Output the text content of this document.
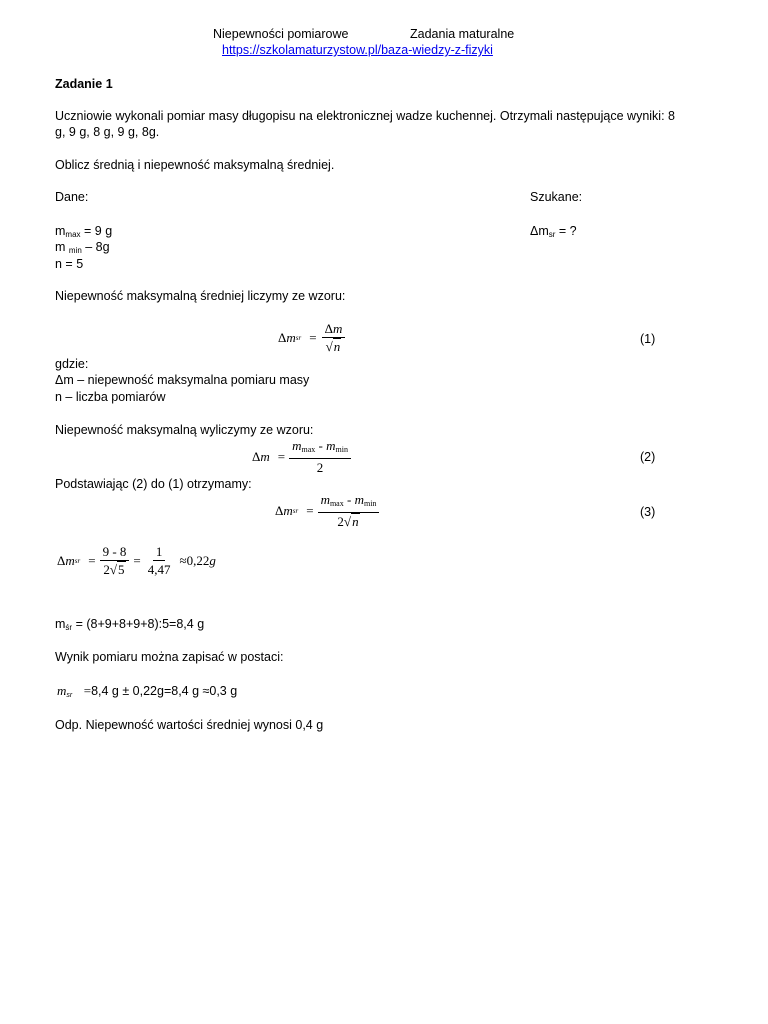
Niepewności pomiarowe	Zadania maturalne
https://szkolamaturzystow.pl/baza-wiedzy-z-fizyki
Zadanie 1
Uczniowie wykonali pomiar masy długopisu na elektronicznej wadze kuchennej. Otrzymali następujące wyniki: 8 g, 9 g, 8 g, 9 g, 8g.
Oblicz średnią i niepewność maksymalną średniej.
Dane:	Szukane:
mmax = 9 g
m min – 8g
n = 5
Δmsr = ?
Niepewność maksymalną średniej liczymy ze wzoru:
Δ m sr = $\frac{\Delta m}{√n}$	(1)
gdzie:
Δm – niepewność maksymalna pomiaru masy
n – liczba pomiarów
Niepewność maksymalną wyliczymy ze wzoru:
Δ $m = \frac{mmax - mmin}{2}$	(2)
Podstawiając (2) do (1) otrzymamy:
Δ m sr = $\frac{mmax - mmin}{2√n}$	(3)
Δ m sr = $\frac{9 - 8}{2√5} = \frac{1}{4,47} \approx 0,22$ g
mśr = (8+9+8+9+8):5=8,4 g
Wynik pomiaru można zapisać w postaci:
$m_{sr} =8,4$ g ± 0,22g=8,4 g ≈0,3 g
Odp. Niepewność wartości średniej wynosi 0,4 g
